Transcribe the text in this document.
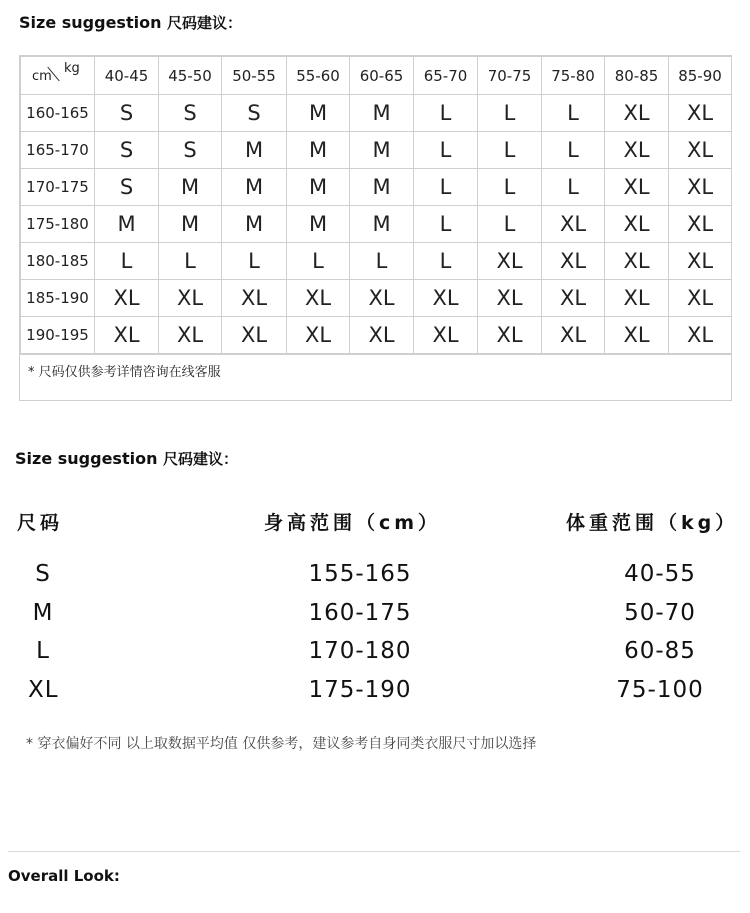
Size suggestion 尺码建议：
cm
kg	40-45	45-50	50-55	55-60	60-65	65-70	70-75	75-80	80-85	85-90
160-165	S	S	S	M	M	L	L	L	XL	XL
165-170	S	S	M	M	M	L	L	L	XL	XL
170-175	S	M	M	M	M	L	L	L	XL	XL
175-180	M	M	M	M	M	L	L	XL	XL	XL
180-185	L	L	L	L	L	L	XL	XL	XL	XL
185-190	XL	XL	XL	XL	XL	XL	XL	XL	XL	XL
190-195	XL	XL	XL	XL	XL	XL	XL	XL	XL	XL
* 尺码仅供参考详情咨询在线客服
Size suggestion 尺码建议：
尺码	身高范围（cm）	体重范围（kg）
S	155-165	40-55
M	160-175	50-70
L	170-180	60-85
XL	175-190	75-100
* 穿衣偏好不同 以上取数据平均值 仅供参考，建议参考自身同类衣服尺寸加以选择
Overall Look:
